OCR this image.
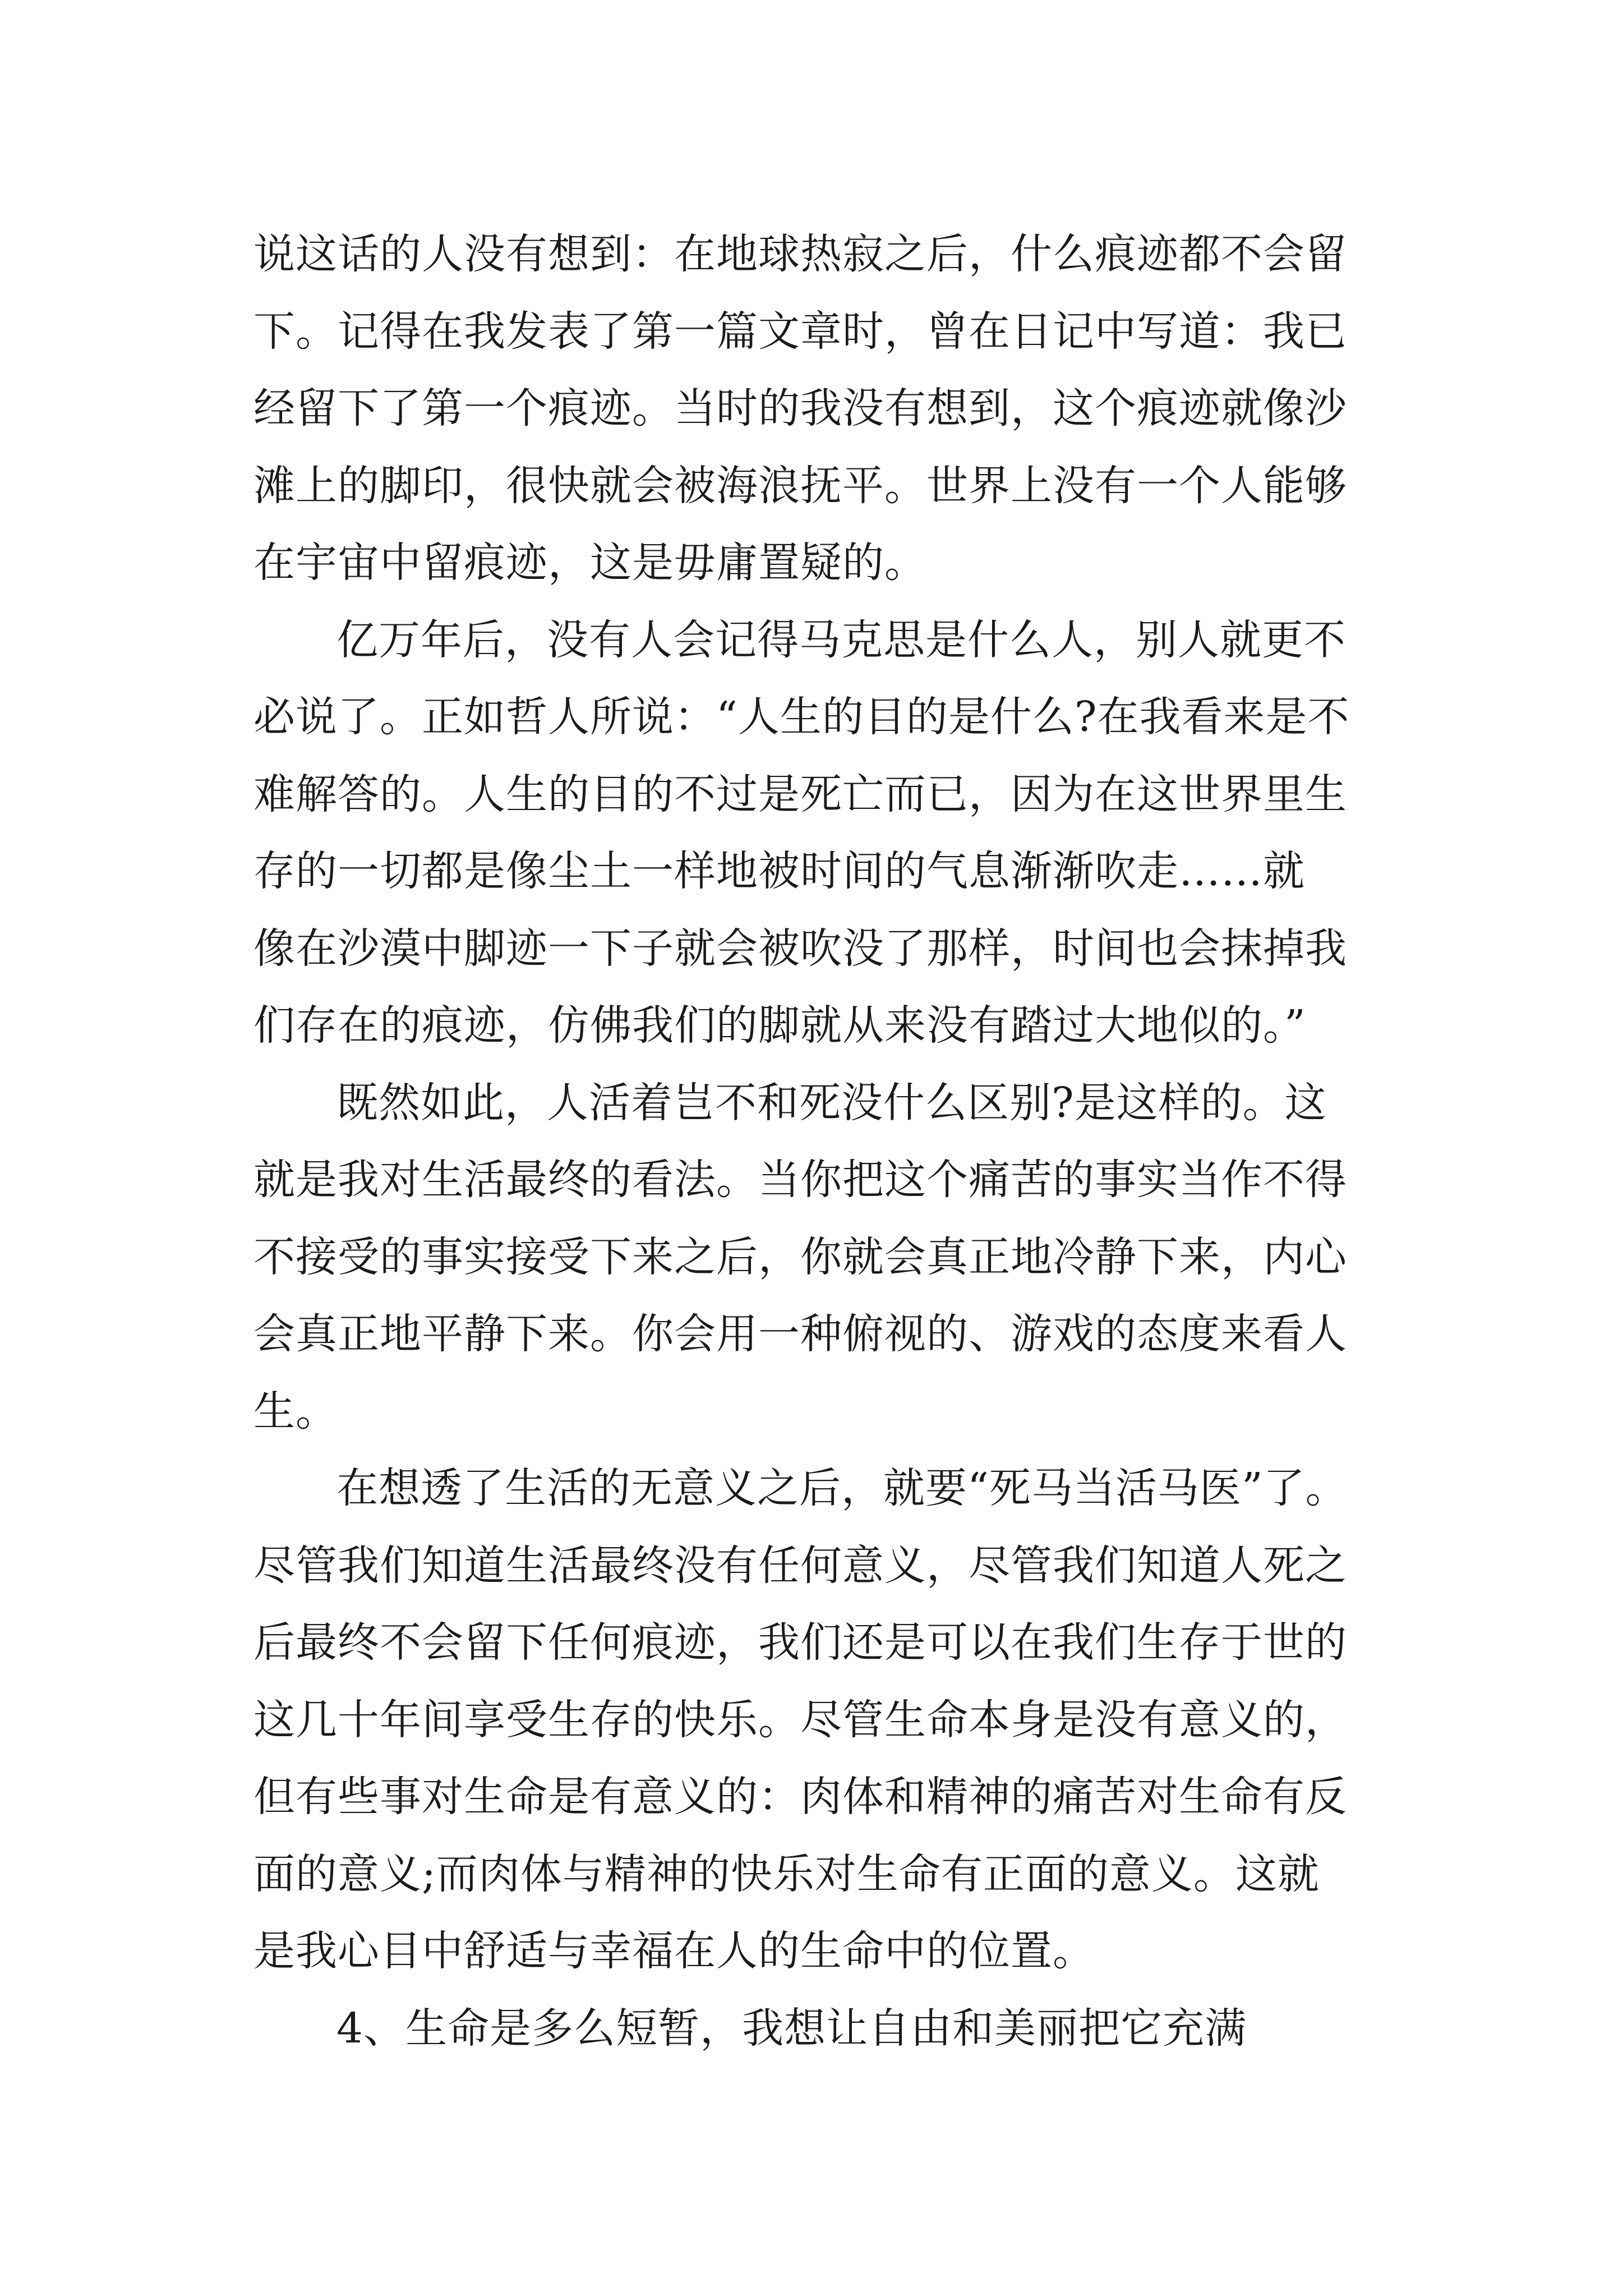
说这话的人没有想到：在地球热寂之后，什么痕迹都不会留
下。记得在我发表了第一篇文章时，曾在日记中写道：我已
经留下了第一个痕迹。当时的我没有想到，这个痕迹就像沙
滩上的脚印，很快就会被海浪抚平。世界上没有一个人能够
在宇宙中留痕迹，这是毋庸置疑的。
亿万年后，没有人会记得马克思是什么人，别人就更不
必说了。正如哲人所说：“人生的目的是什么?在我看来是不
难解答的。人生的目的不过是死亡而已，因为在这世界里生
存的一切都是像尘土一样地被时间的气息渐渐吹走……就
像在沙漠中脚迹一下子就会被吹没了那样，时间也会抹掉我
们存在的痕迹，仿佛我们的脚就从来没有踏过大地似的。”
既然如此，人活着岂不和死没什么区别?是这样的。这
就是我对生活最终的看法。当你把这个痛苦的事实当作不得
不接受的事实接受下来之后，你就会真正地冷静下来，内心
会真正地平静下来。你会用一种俯视的、游戏的态度来看人
生。
在想透了生活的无意义之后，就要“死马当活马医”了。
尽管我们知道生活最终没有任何意义，尽管我们知道人死之
后最终不会留下任何痕迹，我们还是可以在我们生存于世的
这几十年间享受生存的快乐。尽管生命本身是没有意义的，
但有些事对生命是有意义的：肉体和精神的痛苦对生命有反
面的意义;而肉体与精神的快乐对生命有正面的意义。这就
是我心目中舒适与幸福在人的生命中的位置。
4、生命是多么短暂，我想让自由和美丽把它充满
